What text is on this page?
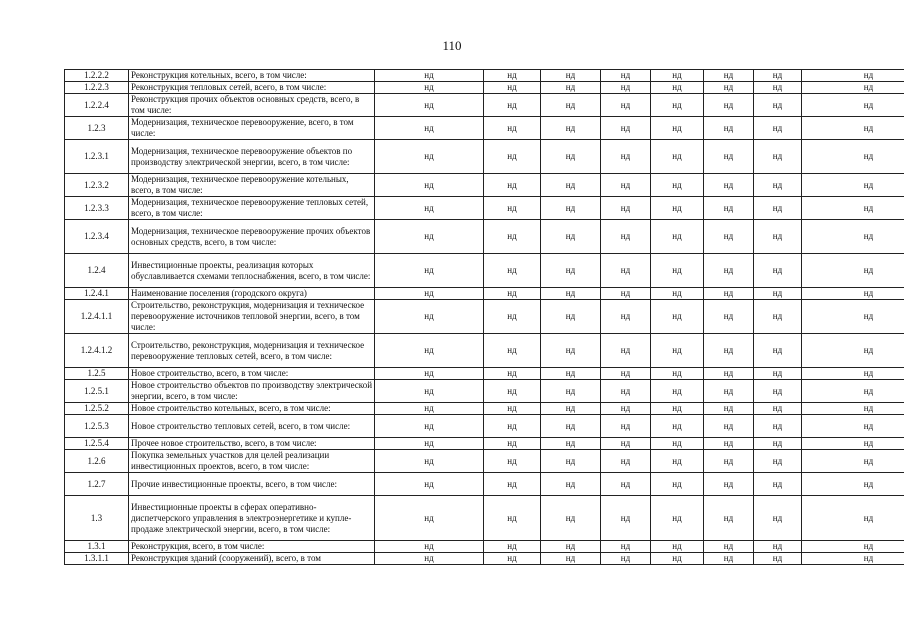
110
1.2.2.2	Реконструкция котельных, всего, в том числе:	нд	нд	нд	нд	нд	нд	нд	нд
1.2.2.3	Реконструкция тепловых сетей, всего, в том числе:	нд	нд	нд	нд	нд	нд	нд	нд
1.2.2.4	Реконструкция прочих объектов основных средств, всего, в том числе:	нд	нд	нд	нд	нд	нд	нд	нд
1.2.3	Модернизация, техническое перевооружение, всего, в том числе:	нд	нд	нд	нд	нд	нд	нд	нд
1.2.3.1	Модернизация, техническое перевооружение объектов по производству электрической энергии, всего, в том числе:	нд	нд	нд	нд	нд	нд	нд	нд
1.2.3.2	Модернизация, техническое перевооружение котельных, всего, в том числе:	нд	нд	нд	нд	нд	нд	нд	нд
1.2.3.3	Модернизация, техническое перевооружение тепловых сетей, всего, в том числе:	нд	нд	нд	нд	нд	нд	нд	нд
1.2.3.4	Модернизация, техническое перевооружение прочих объектов основных средств, всего, в том числе:	нд	нд	нд	нд	нд	нд	нд	нд
1.2.4	Инвестиционные проекты, реализация которых обуславливается схемами теплоснабжения, всего, в том числе:	нд	нд	нд	нд	нд	нд	нд	нд
1.2.4.1	Наименование поселения (городского округа)	нд	нд	нд	нд	нд	нд	нд	нд
1.2.4.1.1	Строительство, реконструкция, модернизация и техническое перевооружение источников тепловой энергии, всего, в том числе:	нд	нд	нд	нд	нд	нд	нд	нд
1.2.4.1.2	Строительство, реконструкция, модернизация и техническое перевооружение тепловых сетей, всего, в том числе:	нд	нд	нд	нд	нд	нд	нд	нд
1.2.5	Новое строительство, всего, в том числе:	нд	нд	нд	нд	нд	нд	нд	нд
1.2.5.1	Новое строительство объектов по производству электрической энергии, всего, в том числе:	нд	нд	нд	нд	нд	нд	нд	нд
1.2.5.2	Новое строительство котельных, всего, в том числе:	нд	нд	нд	нд	нд	нд	нд	нд
1.2.5.3	Новое строительство тепловых сетей, всего, в том числе:	нд	нд	нд	нд	нд	нд	нд	нд
1.2.5.4	Прочее новое строительство, всего, в том числе:	нд	нд	нд	нд	нд	нд	нд	нд
1.2.6	Покупка земельных участков для целей реализации инвестиционных проектов, всего, в том числе:	нд	нд	нд	нд	нд	нд	нд	нд
1.2.7	Прочие инвестиционные проекты, всего, в том числе:	нд	нд	нд	нд	нд	нд	нд	нд
1.3	Инвестиционные проекты в сферах оперативно-диспетчерского управления в электроэнергетике и купле-продаже электрической энергии, всего, в том числе:	нд	нд	нд	нд	нд	нд	нд	нд
1.3.1	Реконструкция, всего, в том числе:	нд	нд	нд	нд	нд	нд	нд	нд
1.3.1.1	Реконструкция зданий (сооружений), всего, в том	нд	нд	нд	нд	нд	нд	нд	нд
